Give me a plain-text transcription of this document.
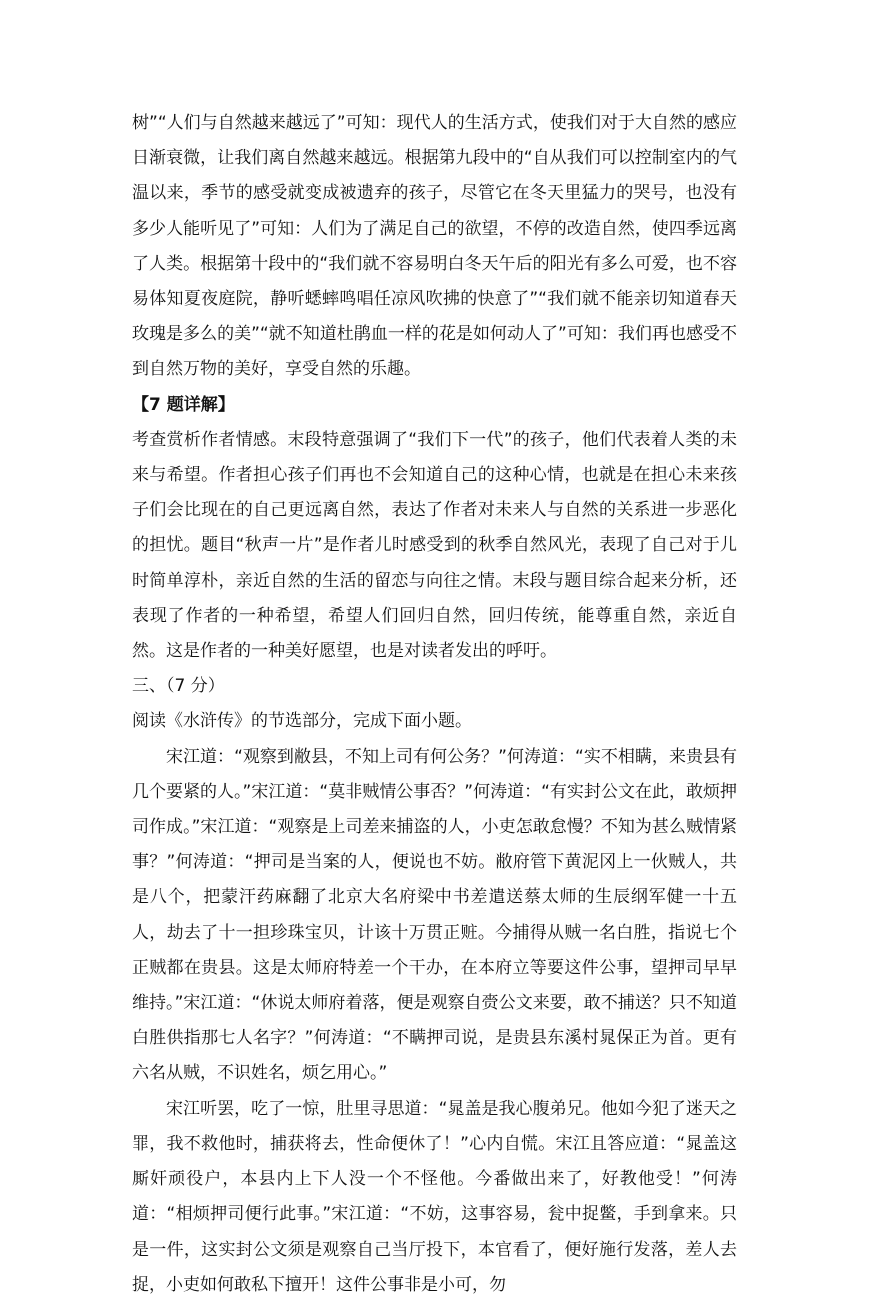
树”“人们与自然越来越远了”可知：现代人的生活方式，使我们对于大自然的感应日渐衰微，让我们离自然越来越远。根据第九段中的“自从我们可以控制室内的气温以来，季节的感受就变成被遗弃的孩子，尽管它在冬天里猛力的哭号，也没有多少人能听见了”可知：人们为了满足自己的欲望，不停的改造自然，使四季远离了人类。根据第十段中的“我们就不容易明白冬天午后的阳光有多么可爱，也不容易体知夏夜庭院，静听蟋蟀鸣唱任凉风吹拂的快意了”“我们就不能亲切知道春天玫瑰是多么的美”“就不知道杜鹃血一样的花是如何动人了”可知：我们再也感受不到自然万物的美好，享受自然的乐趣。

【7 题详解】

考查赏析作者情感。末段特意强调了“我们下一代”的孩子，他们代表着人类的未来与希望。作者担心孩子们再也不会知道自己的这种心情，也就是在担心未来孩子们会比现在的自己更远离自然，表达了作者对未来人与自然的关系进一步恶化的担忧。题目“秋声一片”是作者儿时感受到的秋季自然风光，表现了自己对于儿时简单淳朴，亲近自然的生活的留恋与向往之情。末段与题目综合起来分析，还表现了作者的一种希望，希望人们回归自然，回归传统，能尊重自然，亲近自然。这是作者的一种美好愿望，也是对读者发出的呼吁。

三、（7 分）

阅读《水浒传》的节选部分，完成下面小题。

宋江道：“观察到敝县，不知上司有何公务？”何涛道：“实不相瞒，来贵县有几个要紧的人。”宋江道：“莫非贼情公事否？”何涛道：“有实封公文在此，敢烦押司作成。”宋江道：“观察是上司差来捕盗的人，小吏怎敢怠慢？不知为甚么贼情紧事？”何涛道：“押司是当案的人，便说也不妨。敝府管下黄泥冈上一伙贼人，共是八个，把蒙汗药麻翻了北京大名府梁中书差遣送蔡太师的生辰纲军健一十五人，劫去了十一担珍珠宝贝，计该十万贯正赃。今捕得从贼一名白胜，指说七个正贼都在贵县。这是太师府特差一个干办，在本府立等要这件公事，望押司早早维持。”宋江道：“休说太师府着落，便是观察自赍公文来要，敢不捕送？只不知道白胜供指那七人名字？”何涛道：“不瞒押司说，是贵县东溪村晁保正为首。更有六名从贼，不识姓名，烦乞用心。”

宋江听罢，吃了一惊，肚里寻思道：“晁盖是我心腹弟兄。他如今犯了迷天之罪，我不救他时，捕获将去，性命便休了！”心内自慌。宋江且答应道：“晁盖这厮奸顽役户，本县内上下人没一个不怪他。今番做出来了，好教他受！”何涛道：“相烦押司便行此事。”宋江道：“不妨，这事容易，瓮中捉鳖，手到拿来。只是一件，这实封公文须是观察自己当厅投下，本官看了，便好施行发落，差人去捉，小吏如何敢私下擅开！这件公事非是小可，勿
